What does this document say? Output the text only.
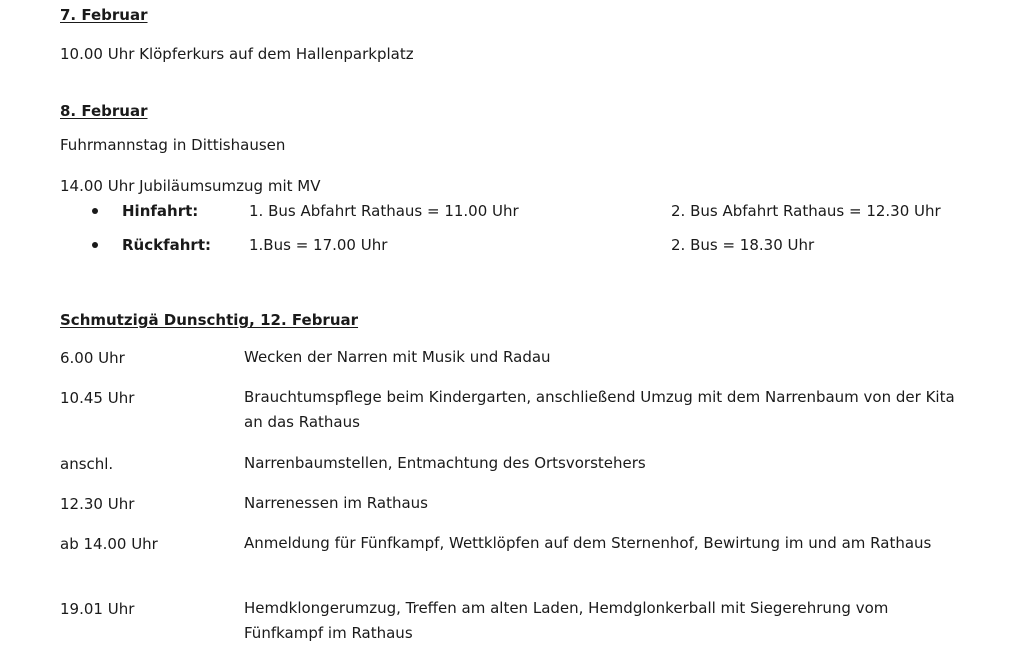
7. Februar
10.00 Uhr Klöpferkurs auf dem Hallenparkplatz
8. Februar
Fuhrmannstag in Dittishausen
14.00 Uhr Jubiläumsumzug mit MV
Hinfahrt:	1. Bus Abfahrt Rathaus = 11.00 Uhr	2. Bus Abfahrt Rathaus = 12.30 Uhr
Rückfahrt:	1.Bus = 17.00 Uhr	2. Bus = 18.30 Uhr
Schmutzigä Dunschtig, 12. Februar
6.00 Uhr	Wecken der Narren mit Musik und Radau
10.45 Uhr	Brauchtumspflege beim Kindergarten, anschließend Umzug mit dem Narrenbaum von der Kita an das Rathaus
anschl.	Narrenbaumstellen, Entmachtung des Ortsvorstehers
12.30 Uhr	Narrenessen im Rathaus
ab 14.00 Uhr	Anmeldung für Fünfkampf, Wettklöpfen auf dem Sternenhof, Bewirtung im und am Rathaus
19.01 Uhr	Hemdklongerumzug, Treffen am alten Laden, Hemdglonkerball mit Siegerehrung vom Fünfkampf im Rathaus
